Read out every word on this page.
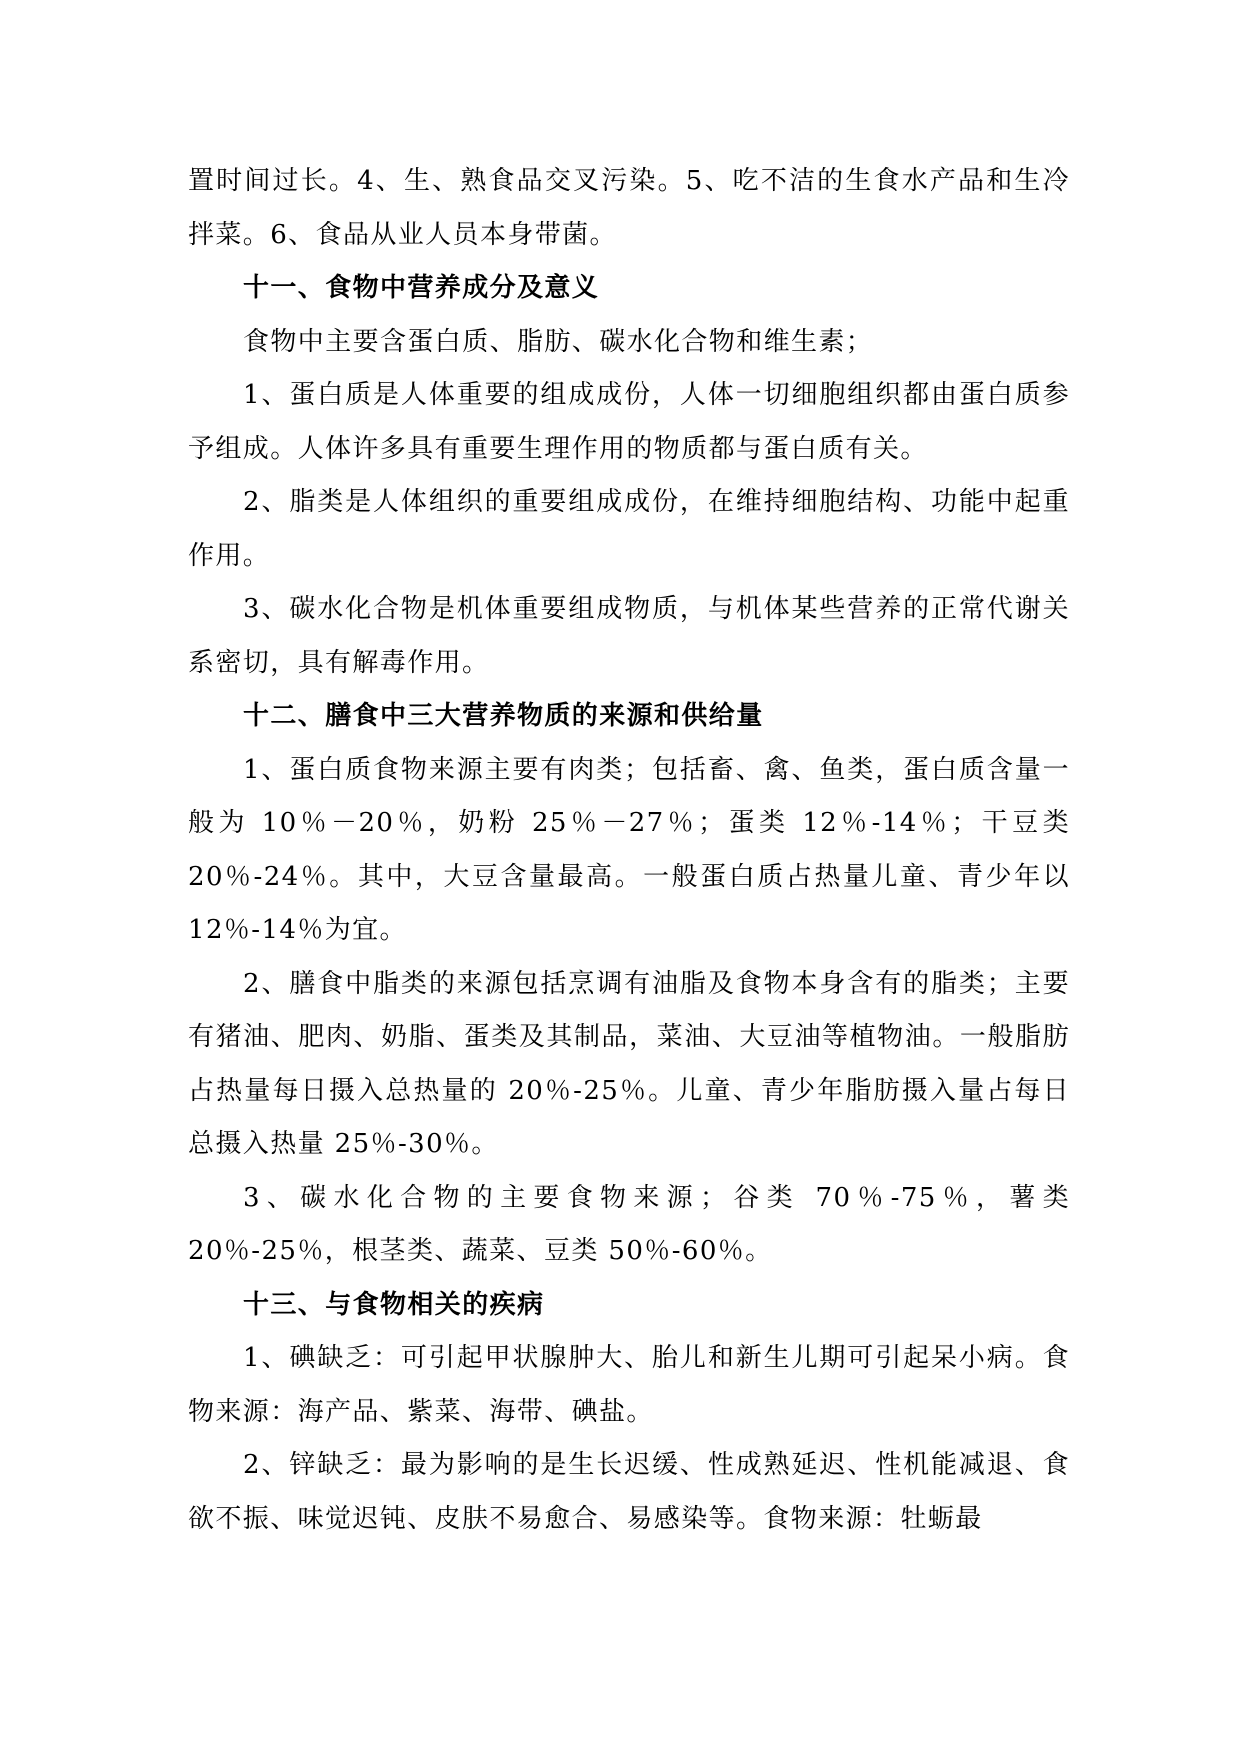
置时间过长。4、生、熟食品交叉污染。5、吃不洁的生食水产品和生冷拌菜。6、食品从业人员本身带菌。

十一、食物中营养成分及意义

食物中主要含蛋白质、脂肪、碳水化合物和维生素；

1、蛋白质是人体重要的组成成份，人体一切细胞组织都由蛋白质参予组成。人体许多具有重要生理作用的物质都与蛋白质有关。

2、脂类是人体组织的重要组成成份，在维持细胞结构、功能中起重作用。

3、碳水化合物是机体重要组成物质，与机体某些营养的正常代谢关系密切，具有解毒作用。

十二、膳食中三大营养物质的来源和供给量

1、蛋白质食物来源主要有肉类；包括畜、禽、鱼类，蛋白质含量一般为 10％－20％，奶粉 25％－27％；蛋类 12％-14％；干豆类 20％-24％。其中，大豆含量最高。一般蛋白质占热量儿童、青少年以 12％-14％为宜。

2、膳食中脂类的来源包括烹调有油脂及食物本身含有的脂类；主要有猪油、肥肉、奶脂、蛋类及其制品，菜油、大豆油等植物油。一般脂肪占热量每日摄入总热量的 20％-25％。儿童、青少年脂肪摄入量占每日总摄入热量 25％-30％。

3、碳水化合物的主要食物来源；谷类 70％-75％，薯类 20％-25％，根茎类、蔬菜、豆类 50％-60％。

十三、与食物相关的疾病

1、碘缺乏：可引起甲状腺肿大、胎儿和新生儿期可引起呆小病。食物来源：海产品、紫菜、海带、碘盐。

2、锌缺乏：最为影响的是生长迟缓、性成熟延迟、性机能减退、食欲不振、味觉迟钝、皮肤不易愈合、易感染等。食物来源：牡蛎最
